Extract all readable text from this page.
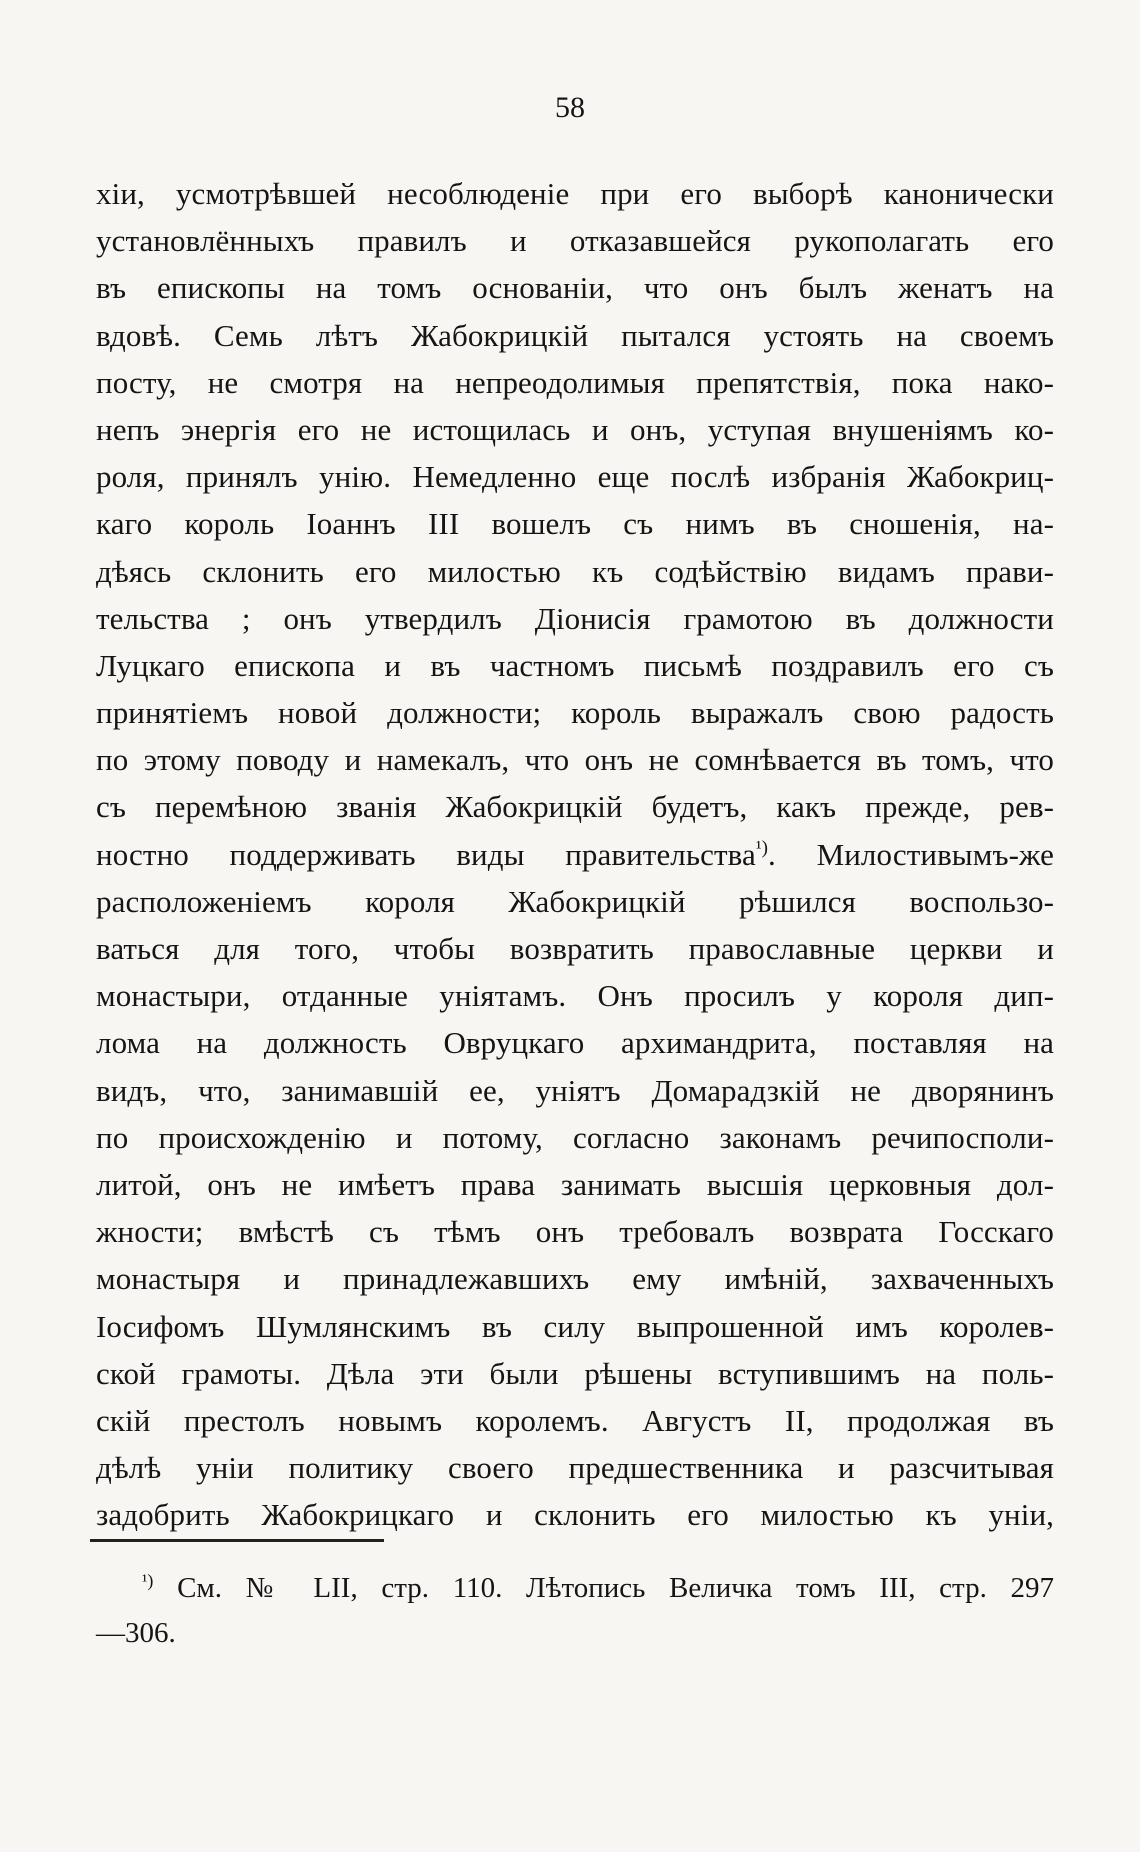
58
хіи, усмотрѣвшей несоблюденіе при его выборѣ канонически
установлённыхъ правилъ и отказавшейся рукополагать его
въ епископы на томъ основаніи, что онъ былъ женатъ на
вдовѣ. Семь лѣтъ Жабокрицкій пытался устоять на своемъ
посту, не смотря на непреодолимыя препятствія, пока нако-
непъ энергія его не истощилась и онъ, уступая внушеніямъ ко-
роля, принялъ унію. Немедленно еще послѣ избранія Жабокриц-
каго король Іоаннъ III вошелъ съ нимъ въ сношенія, на-
дѣясь склонить его милостью къ содѣйствію видамъ прави-
тельства ; онъ утвердилъ Діонисія грамотою въ должности
Луцкаго епископа и въ частномъ письмѣ поздравилъ его съ
принятіемъ новой должности; король выражалъ свою радость
по этому поводу и намекалъ, что онъ не сомнѣвается въ томъ, что
съ перемѣною званія Жабокрицкій будетъ, какъ прежде, рев-
ностно поддерживать виды правительства$^{^1)}$. Милостивымъ-же
расположеніемъ короля Жабокрицкій рѣшился воспользо-
ваться для того, чтобы возвратить православные церкви и
монастыри, отданные уніятамъ. Онъ просилъ у короля дип-
лома на должность Овруцкаго архимандрита, поставляя на
видъ, что, занимавшій ее, уніятъ Домарадзкій не дворянинъ
по происхожденію и потому, согласно законамъ речипосполи-
литой, онъ не имѣетъ права занимать высшія церковныя дол-
жности; вмѣстѣ съ тѣмъ онъ требовалъ возврата Госскаго
монастыря и принадлежавшихъ ему имѣній, захваченныхъ
Іосифомъ Шумлянскимъ въ силу выпрошенной имъ королев-
ской грамоты. Дѣла эти были рѣшены вступившимъ на поль-
скій престолъ новымъ королемъ. Августъ II, продолжая въ
дѣлѣ уніи политику своего предшественника и разсчитывая
задобрить Жабокрицкаго и склонить его милостью къ уніи,
$^{^1)}$ См. № LII, стр. 110. Лѣтопись Величка томъ III, стр. 297
—306.
